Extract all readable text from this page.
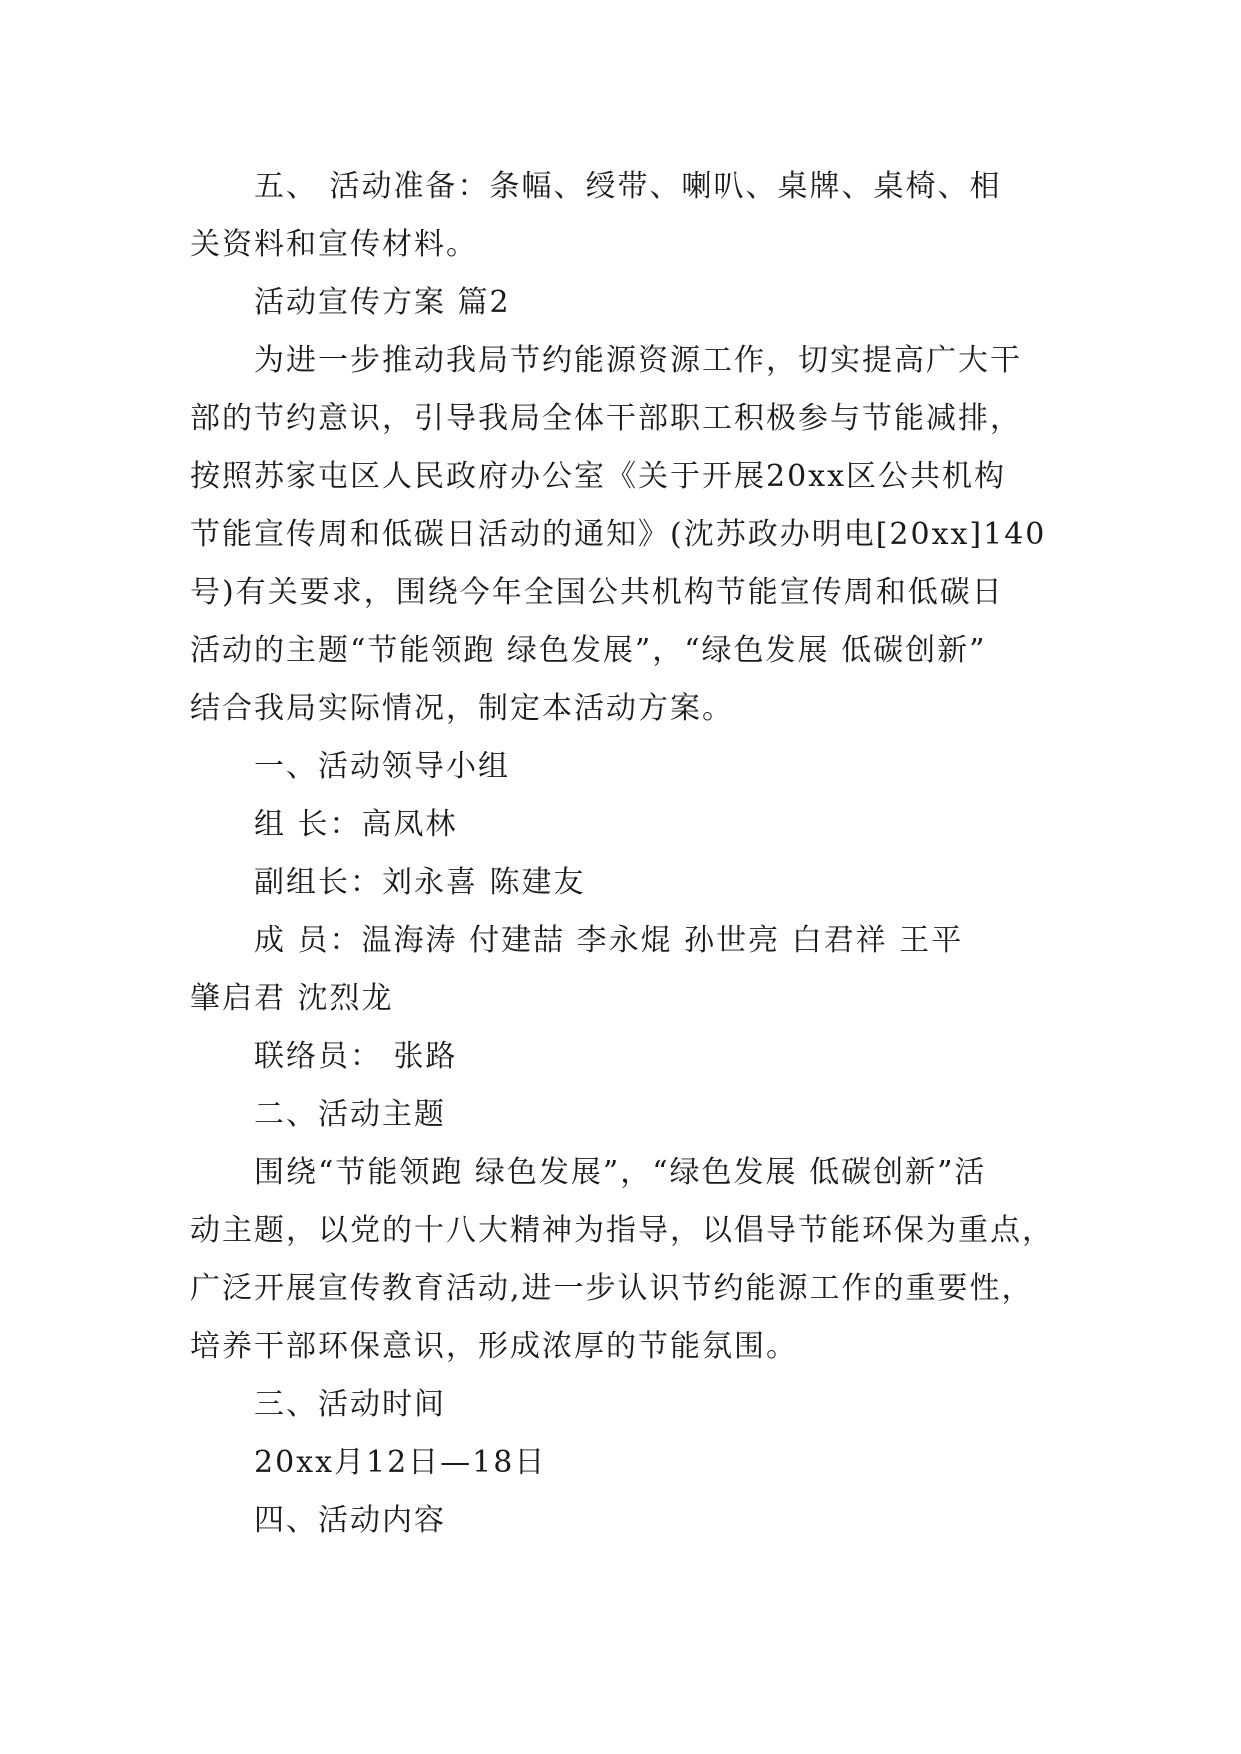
五、 活动准备：条幅、绶带、喇叭、桌牌、桌椅、相
关资料和宣传材料。
活动宣传方案 篇2
为进一步推动我局节约能源资源工作，切实提高广大干
部的节约意识，引导我局全体干部职工积极参与节能减排，
按照苏家屯区人民政府办公室《关于开展20xx区公共机构
节能宣传周和低碳日活动的通知》(沈苏政办明电[20xx]140
号)有关要求，围绕今年全国公共机构节能宣传周和低碳日
活动的主题“节能领跑 绿色发展”，“绿色发展 低碳创新”
结合我局实际情况，制定本活动方案。
一、活动领导小组
组 长：高凤林
副组长：刘永喜 陈建友
成 员：温海涛 付建喆 李永焜 孙世亮 白君祥 王平
肇启君 沈烈龙
联络员： 张路
二、活动主题
围绕“节能领跑 绿色发展”，“绿色发展 低碳创新”活
动主题，以党的十八大精神为指导，以倡导节能环保为重点，
广泛开展宣传教育活动,进一步认识节约能源工作的重要性，
培养干部环保意识，形成浓厚的节能氛围。
三、活动时间
20xx月12日—18日
四、活动内容
